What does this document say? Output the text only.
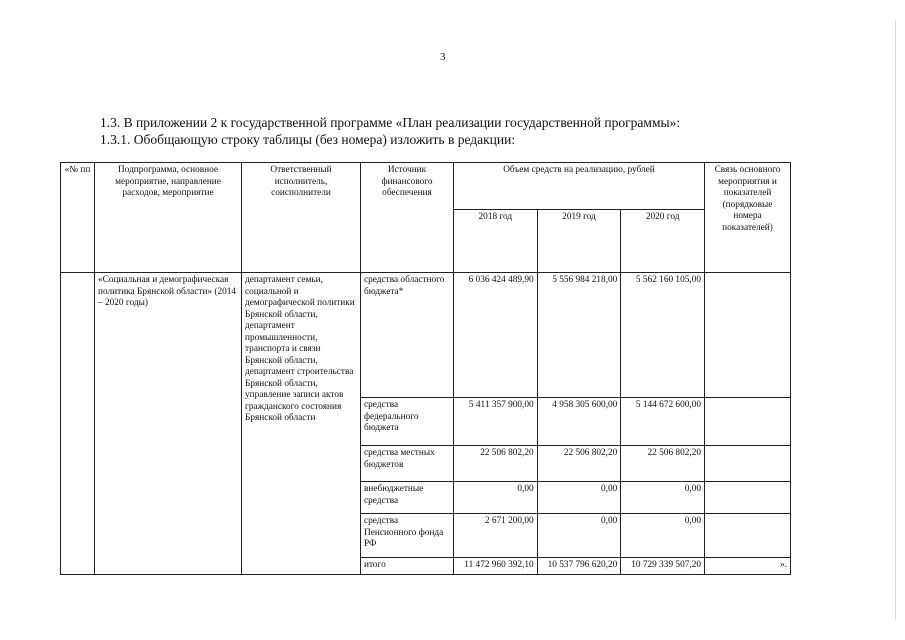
3
1.3. В приложении 2 к государственной программе «План реализации государственной программы»:
1.3.1. Обобщающую строку таблицы (без номера) изложить в редакции:
«№ пп	Подпрограмма, основное мероприятие, направление расходов, мероприятие	Ответственный исполнитель, соисполнители	Источник финансового обеспечения	Объем средств на реализацию, рублей			Связь основного мероприятия и показателей (порядковые номера показателей)
				2018 год	2019 год	2020 год	
	«Социальная и демографическая политика Брянской области» (2014 – 2020 годы)	департамент семьи, социальной и демографической политики Брянской области, департамент промышленности, транспорта и связи Брянской области, департамент строительства Брянской области, управление записи актов гражданского состояния Брянской области	средства областного бюджета*	6 036 424 489,90	5 556 984 218,00	5 562 160 105,00	
			средства федерального бюджета	5 411 357 900,00	4 958 305 600,00	5 144 672 600,00	
			средства местных бюджетов	22 506 802,20	22 506 802,20	22 506 802,20	
			внебюджетные средства	0,00	0,00	0,00	
			средства Пенсионного фонда РФ	2 671 200,00	0,00	0,00	
			итого	11 472 960 392,10	10 537 796 620,20	10 729 339 507,20	».
